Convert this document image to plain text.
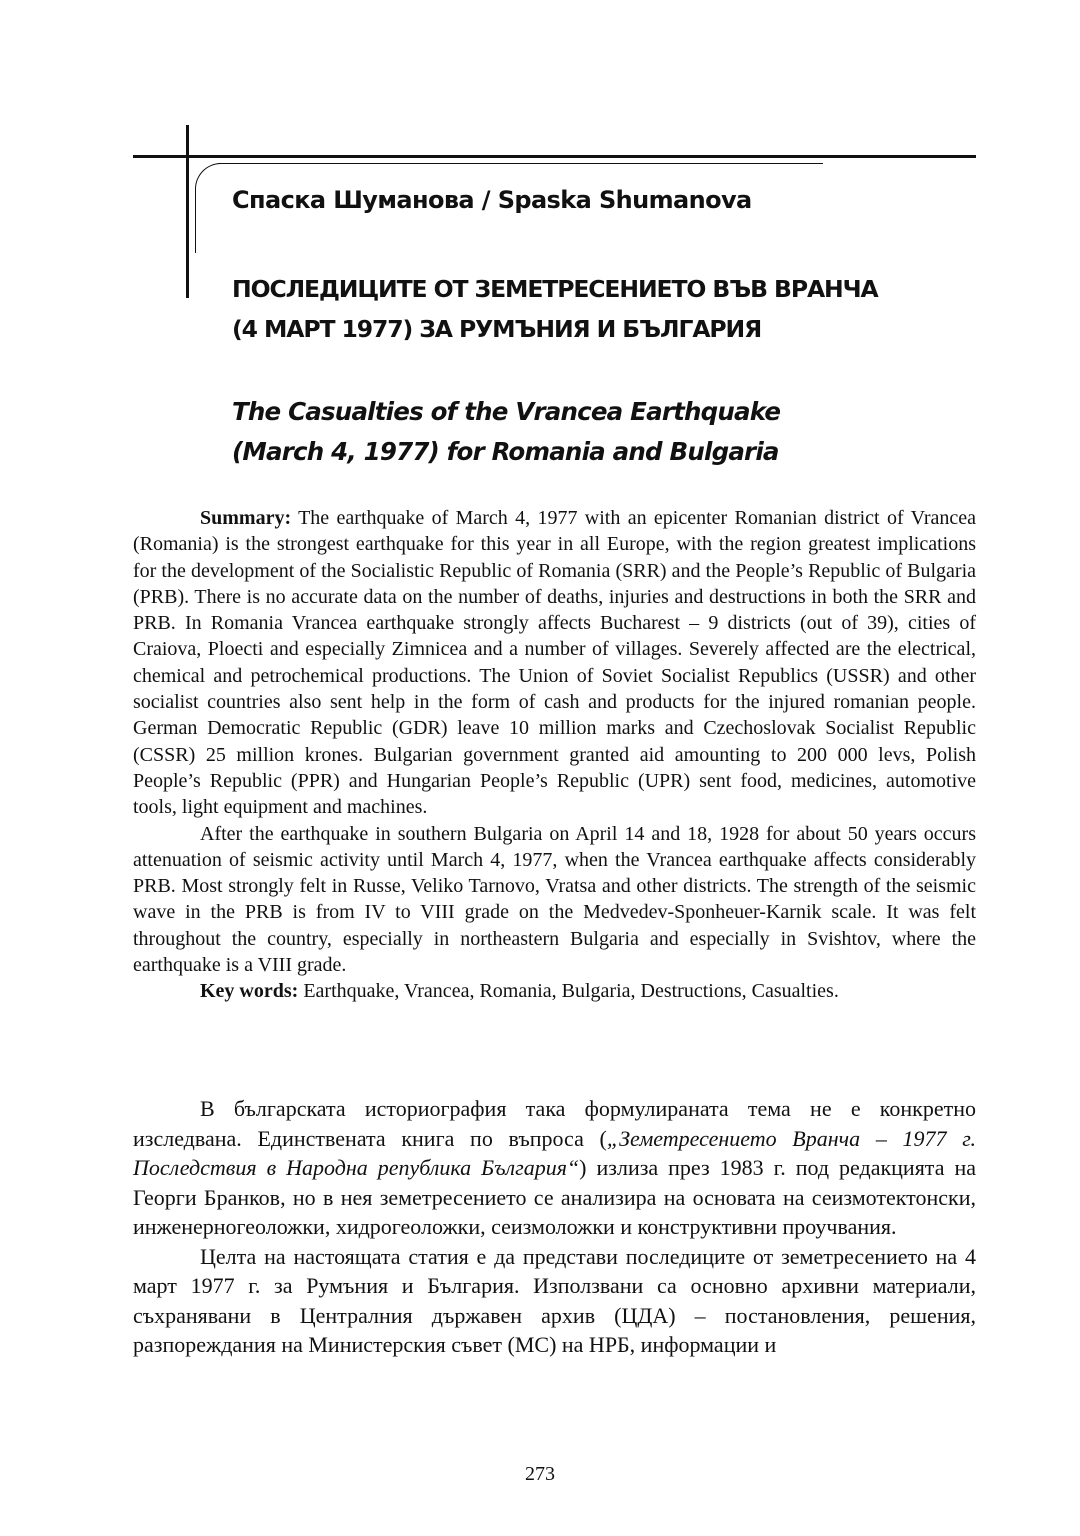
Спаска Шуманова / Spaska Shumanova
ПОСЛЕДИЦИТЕ ОТ ЗЕМЕТРЕСЕНИЕТО ВЪВ ВРАНЧА
(4 МАРТ 1977) ЗА РУМЪНИЯ И БЪЛГАРИЯ
The Casualties of the Vrancea Earthquake
(March 4, 1977) for Romania and Bulgaria

Summary: The earthquake of March 4, 1977 with an epicenter Romanian district of Vrancea (Romania) is the strongest earthquake for this year in all Europe, with the region greatest implications for the development of the Socialistic Republic of Romania (SRR) and the People’s Republic of Bulgaria (PRB). There is no accurate data on the number of deaths, injuries and destructions in both the SRR and PRB. In Romania Vrancea earthquake strongly affects Bucharest – 9 districts (out of 39), cities of Craiova, Ploecti and especially Zimnicea and a number of villages. Severely affected are the electrical, chemical and petrochemical productions. The Union of Soviet Socialist Republics (USSR) and other socialist countries also sent help in the form of cash and products for the injured romanian people. German Democratic Republic (GDR) leave 10 million marks and Czechoslovak Socialist Republic (CSSR) 25 million krones. Bulgarian government granted aid amounting to 200 000 levs, Polish People’s Republic (PPR) and Hungarian People’s Republic (UPR) sent food, medicines, automotive tools, light equipment and machines.

After the earthquake in southern Bulgaria on April 14 and 18, 1928 for about 50 years occurs attenuation of seismic activity until March 4, 1977, when the Vrancea earthquake affects considerably PRB. Most strongly felt in Russe, Veliko Tarnovo, Vratsa and other districts. The strength of the seismic wave in the PRB is from IV to VIII grade on the Medvedev-Sponheuer-Karnik scale. It was felt throughout the country, especially in northeastern Bulgaria and especially in Svishtov, where the earthquake is a VIII grade.

Key words: Earthquake, Vrancea, Romania, Bulgaria, Destructions, Casualties.

В българската историография така формулираната тема не е конкретно изследвана. Единствената книга по въпроса („Земетресението Вранча – 1977 г. Последствия в Народна република България“) излиза през 1983 г. под редакцията на Георги Бранков, но в нея земетресението се анализира на основата на сеизмотектонски, инженерногеоложки, хидрогеоложки, сеизмоложки и конструктивни проучвания.

Целта на настоящата статия е да представи последиците от земетресението на 4 март 1977 г. за Румъния и България. Използвани са основно архивни материали, съхранявани в Централния държавен архив (ЦДА) – постановления, решения, разпореждания на Министерския съвет (МС) на НРБ, информации и

273
